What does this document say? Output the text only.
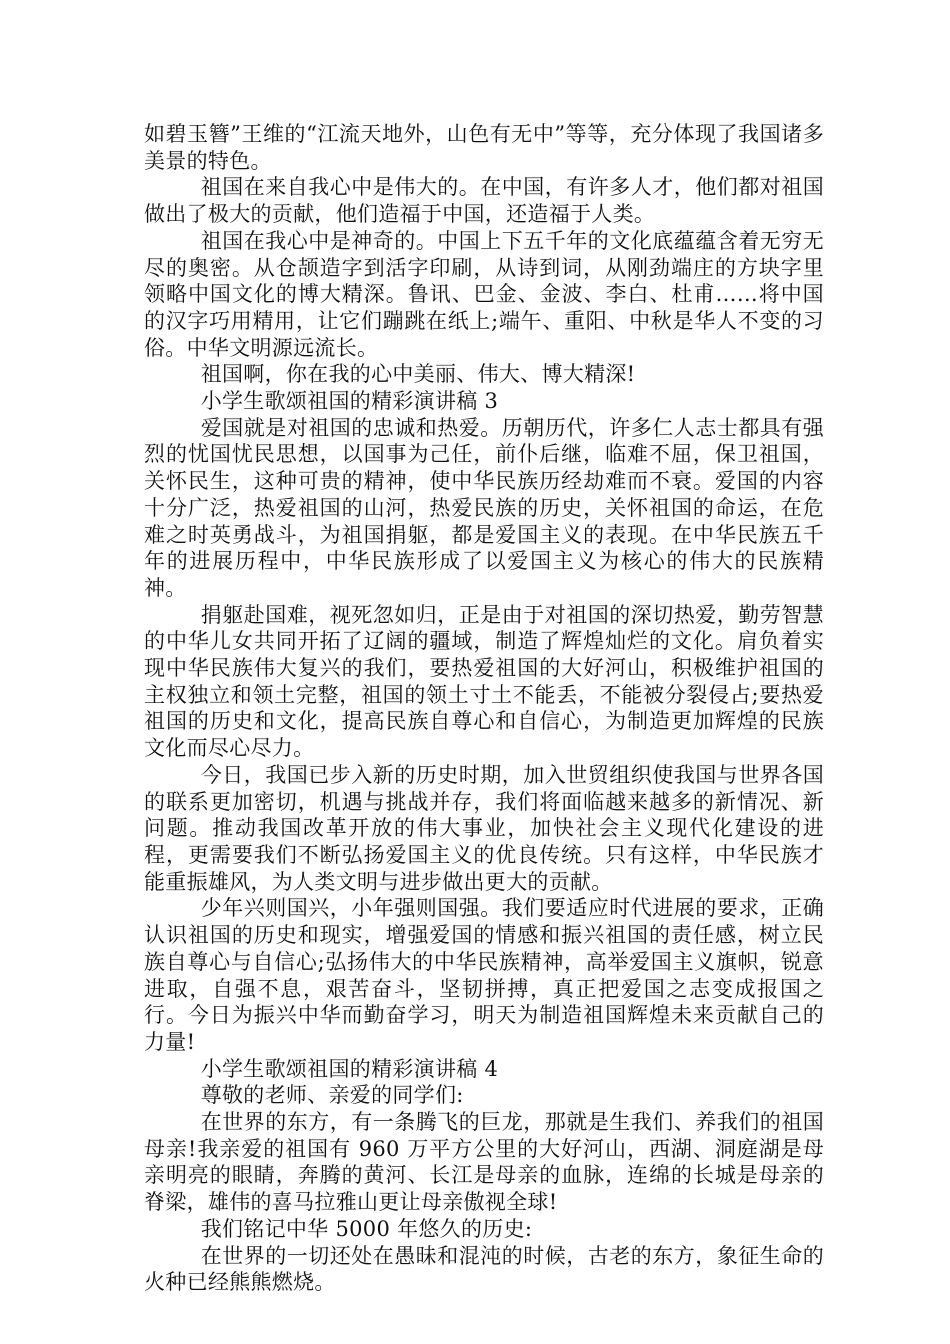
如碧玉簪”王维的“江流天地外，山色有无中”等等，充分体现了我国诸多美景的特色。

祖国在来自我心中是伟大的。在中国，有许多人才，他们都对祖国做出了极大的贡献，他们造福于中国，还造福于人类。

祖国在我心中是神奇的。中国上下五千年的文化底蕴蕴含着无穷无尽的奥密。从仓颉造字到活字印刷，从诗到词，从刚劲端庄的方块字里领略中国文化的博大精深。鲁讯、巴金、金波、李白、杜甫……将中国的汉字巧用精用，让它们蹦跳在纸上;端午、重阳、中秋是华人不变的习俗。中华文明源远流长。

祖国啊，你在我的心中美丽、伟大、博大精深!

小学生歌颂祖国的精彩演讲稿 3

爱国就是对祖国的忠诚和热爱。历朝历代，许多仁人志士都具有强烈的忧国忧民思想，以国事为己任，前仆后继，临难不屈，保卫祖国，关怀民生，这种可贵的精神，使中华民族历经劫难而不衰。爱国的内容十分广泛，热爱祖国的山河，热爱民族的历史，关怀祖国的命运，在危难之时英勇战斗，为祖国捐躯，都是爱国主义的表现。在中华民族五千年的进展历程中，中华民族形成了以爱国主义为核心的伟大的民族精神。

捐躯赴国难，视死忽如归，正是由于对祖国的深切热爱，勤劳智慧的中华儿女共同开拓了辽阔的疆域，制造了辉煌灿烂的文化。肩负着实现中华民族伟大复兴的我们，要热爱祖国的大好河山，积极维护祖国的主权独立和领土完整，祖国的领土寸土不能丢，不能被分裂侵占;要热爱祖国的历史和文化，提高民族自尊心和自信心，为制造更加辉煌的民族文化而尽心尽力。

今日，我国已步入新的历史时期，加入世贸组织使我国与世界各国的联系更加密切，机遇与挑战并存，我们将面临越来越多的新情况、新问题。推动我国改革开放的伟大事业，加快社会主义现代化建设的进程，更需要我们不断弘扬爱国主义的优良传统。只有这样，中华民族才能重振雄风，为人类文明与进步做出更大的贡献。

少年兴则国兴，小年强则国强。我们要适应时代进展的要求，正确认识祖国的历史和现实，增强爱国的情感和振兴祖国的责任感，树立民族自尊心与自信心;弘扬伟大的中华民族精神，高举爱国主义旗帜，锐意进取，自强不息，艰苦奋斗，坚韧拼搏，真正把爱国之志变成报国之行。今日为振兴中华而勤奋学习，明天为制造祖国辉煌未来贡献自己的力量!

小学生歌颂祖国的精彩演讲稿 4

尊敬的老师、亲爱的同学们:

在世界的东方，有一条腾飞的巨龙，那就是生我们、养我们的祖国母亲!我亲爱的祖国有 960 万平方公里的大好河山，西湖、洞庭湖是母亲明亮的眼睛，奔腾的黄河、长江是母亲的血脉，连绵的长城是母亲的脊梁，雄伟的喜马拉雅山更让母亲傲视全球!

我们铭记中华 5000 年悠久的历史:

在世界的一切还处在愚昧和混沌的时候，古老的东方，象征生命的火种已经熊熊燃烧。
